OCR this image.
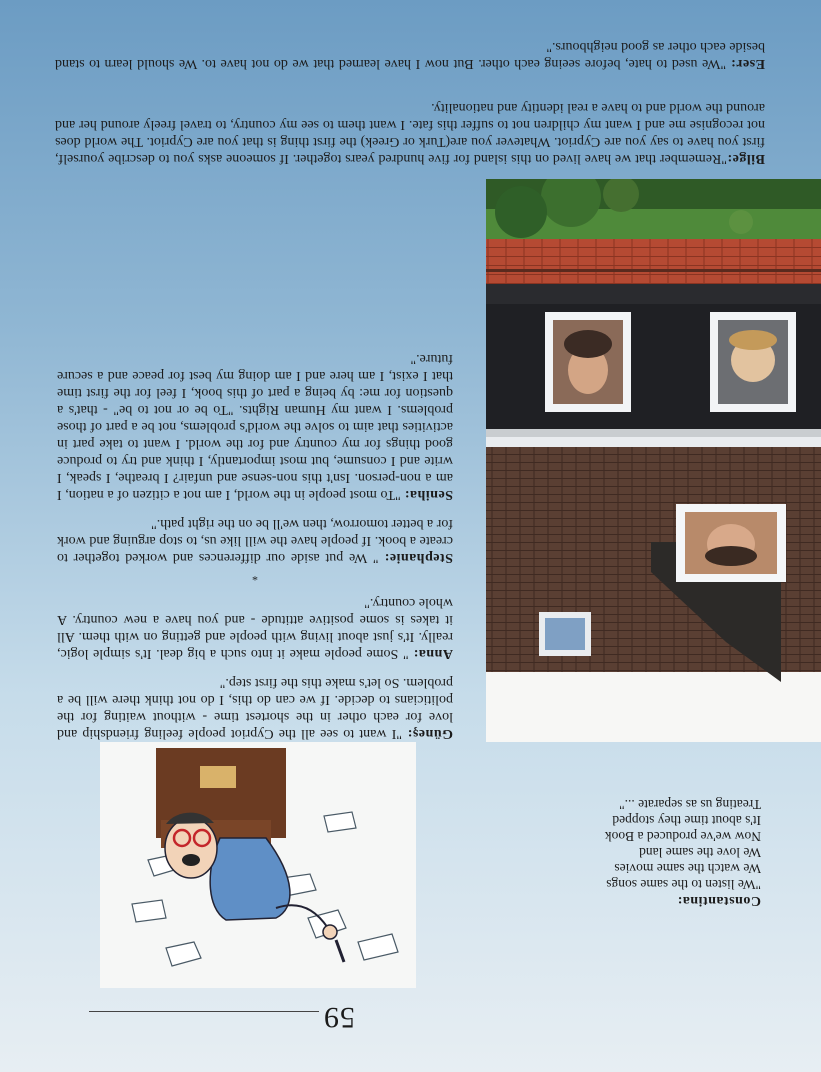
59

Constantina:

"We listen to the same songs
We watch the same movies
We love the same land
Now we've produced a Book
It's about time they stopped
Treating us as separate ..."

Güneş: "I want to see all the Cypriot people feeling friendship and love for each other in the shortest time - without waiting for the politicians to decide. If we can do this, I do not think there will be a problem. So let's make this the first step."

Anna: " Some people make it into such a big deal. It's simple logic, really. It's just about living with people and getting on with them. All it takes is some positive attitude - and you have a new country. A whole country."

*

Stephanie: " We put aside our differences and worked together to create a book. If people have the will like us, to stop arguing and work for a better tomorrow, then we'll be on the right path."

Seniha: "To most people in the world, I am not a citizen of a nation, I am a non-person. Isn't this non-sense and unfair? I breathe, I speak, I write and I consume, but most importantly, I think and try to produce good things for my country and for the world. I want to take part in activities that aim to solve the world's problems, not be a part of those problems. I want my Human Rights. "To be or not to be" - that's a question for me: by being a part of this book, I feel for the first time that I exist, I am here and I am doing my best for peace and a secure future."

Bilge:"Remember that we have lived on this island for five hundred years together. If someone asks you to describe yourself, first you have to say you are Cypriot. Whatever you are(Turk or Greek) the first thing is that you are Cypriot. The world does not recognise me and I want my children not to suffer this fate. I want them to see my country, to travel freely around her and around the world and to have a real identity and nationality.

Eser: "We used to hate, before seeing each other. But now I have learned that we do not have to. We should learn to stand beside each other as good neighbours."
